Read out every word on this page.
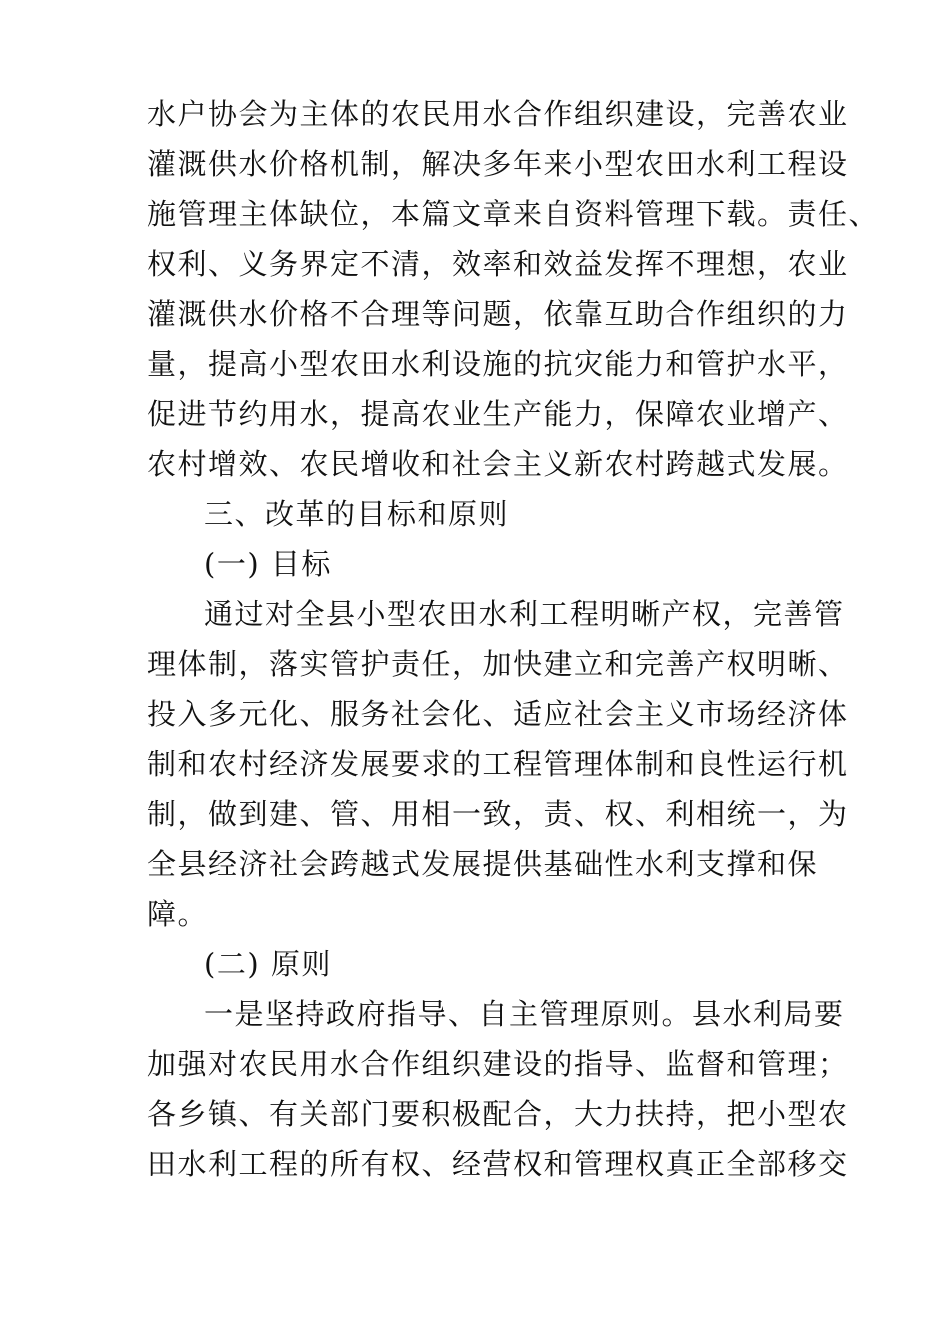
水户协会为主体的农民用水合作组织建设，完善农业
灌溉供水价格机制，解决多年来小型农田水利工程设
施管理主体缺位，本篇文章来自资料管理下载。责任、
权利、义务界定不清，效率和效益发挥不理想，农业
灌溉供水价格不合理等问题，依靠互助合作组织的力
量，提高小型农田水利设施的抗灾能力和管护水平，
促进节约用水，提高农业生产能力，保障农业增产、
农村增效、农民增收和社会主义新农村跨越式发展。
三、改革的目标和原则
(一) 目标
通过对全县小型农田水利工程明晰产权，完善管
理体制，落实管护责任，加快建立和完善产权明晰、
投入多元化、服务社会化、适应社会主义市场经济体
制和农村经济发展要求的工程管理体制和良性运行机
制，做到建、管、用相一致，责、权、利相统一，为
全县经济社会跨越式发展提供基础性水利支撑和保
障。
(二) 原则
一是坚持政府指导、自主管理原则。县水利局要
加强对农民用水合作组织建设的指导、监督和管理；
各乡镇、有关部门要积极配合，大力扶持，把小型农
田水利工程的所有权、经营权和管理权真正全部移交
